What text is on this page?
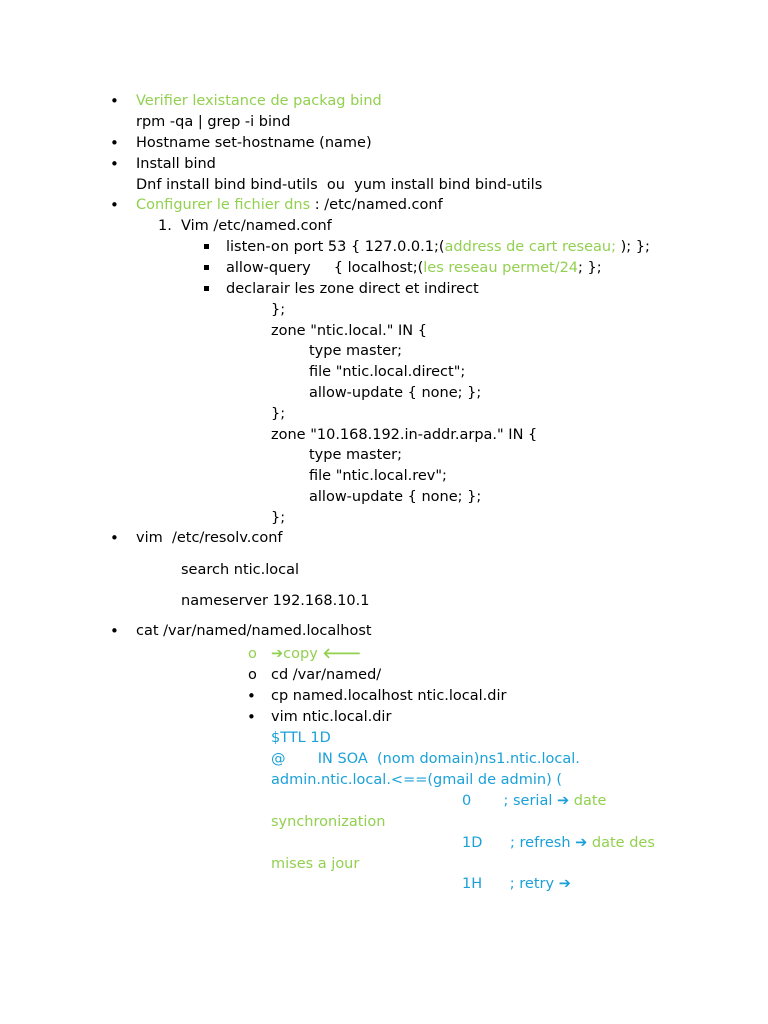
•
•
•
•
•
•
•
•
Verifier lexistance de packag bind
rpm -qa | grep -i bind
Hostname set-hostname (name)
Install bind
Dnf install bind bind-utils  ou  yum install bind bind-utils
Configurer le fichier dns : /etc/named.conf
1. Vim /etc/named.conf
listen-on port 53 { 127.0.0.1;(address de cart reseau; ); };
allow-query     { localhost;(les reseau permet/24; };
declarair les zone direct et indirect
};
zone "ntic.local." IN {
type master;
file "ntic.local.direct";
allow-update { none; };
};
zone "10.168.192.in-addr.arpa." IN {
type master;
file "ntic.local.rev";
allow-update { none; };
};
vim  /etc/resolv.conf
search ntic.local
nameserver 192.168.10.1
cat /var/named/named.localhost
o ➔copy 🡐
o cd /var/named/
cp named.localhost ntic.local.dir
vim ntic.local.dir
$TTL 1D
@       IN SOA  (nom domain)ns1.ntic.local.
admin.ntic.local.<==(gmail de admin) (
0       ; serial ➔ date
synchronization
1D      ; refresh ➔ date des
mises a jour
1H      ; retry ➔
